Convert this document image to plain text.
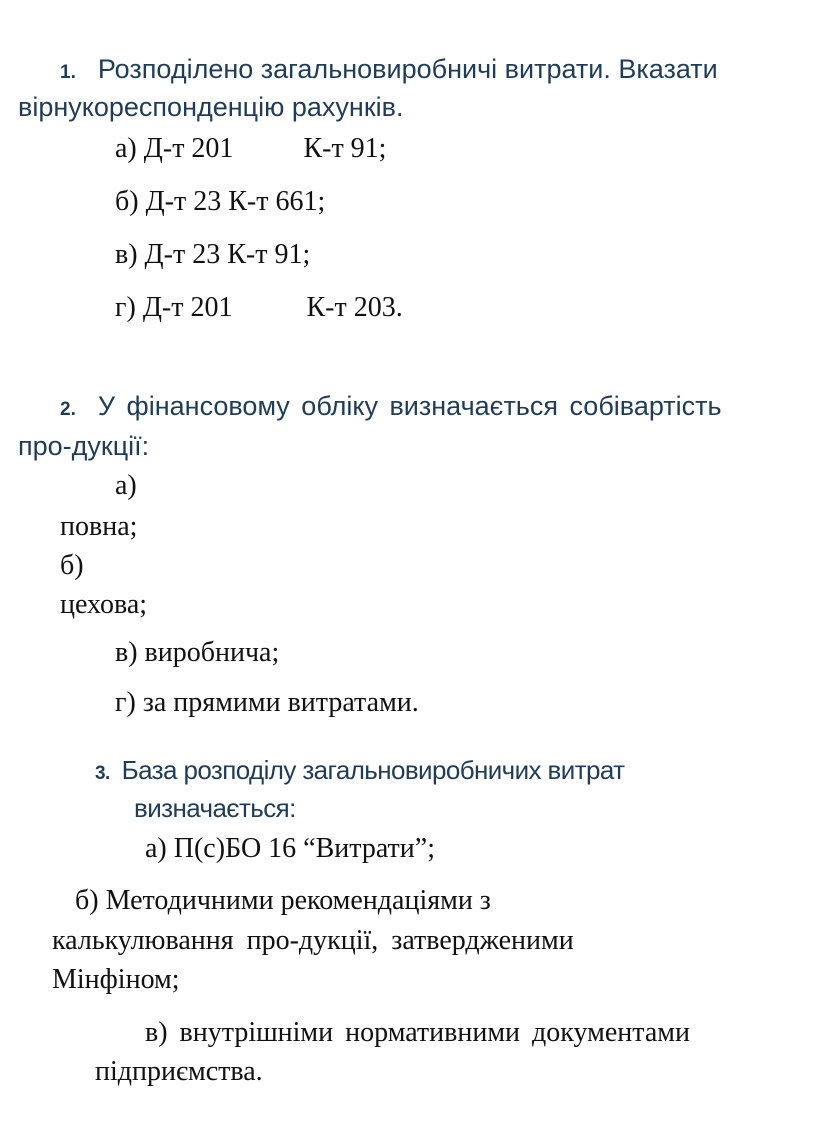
1. Розподілено загальновиробничі витрати. Вказати
вірнукореспонденцію рахунків.
а) Д-т 201	К-т 91;
б) Д-т 23 К-т 661;
в) Д-т 23 К-т 91;
г) Д-т 201	К-т 203.
2. У фінансовому обліку визначається собівартість
про-дукції:
а)
повна;
б)
цехова;
в) виробнича;
г) за прямими витратами.
3. База розподілу загальновиробничих витрат
визначається:
а) П(с)БО 16 “Витрати”;
б) Методичними рекомендаціями з
калькулювання про-дукції, затвердженими
Мінфіном;
в) внутрішніми нормативними документами
підприємства.
